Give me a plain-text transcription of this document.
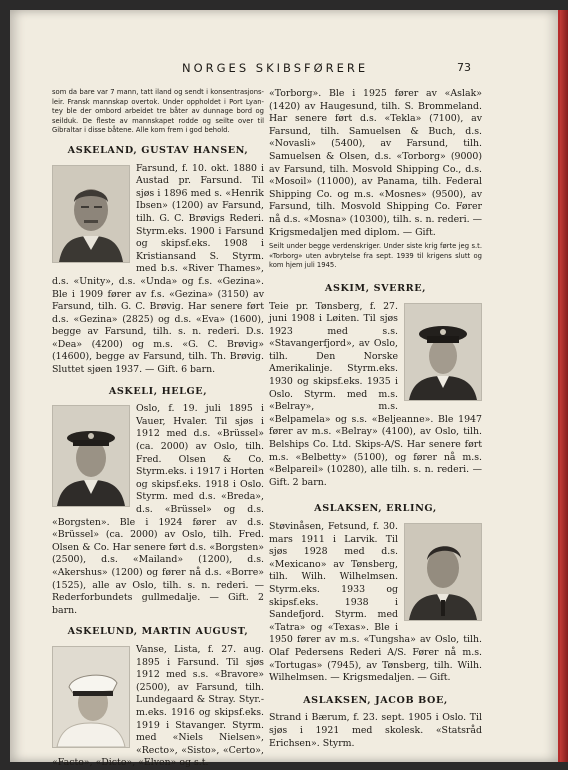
NORGES SKIBSFØRERE	73

som da bare var 7 mann, tatt iland og sendt i konsentrasjons-leir. Fransk mannskap overtok. Under oppholdet i Port Lyan-tey ble der ombord arbeidet tre båter av dunnage bord og seilduk. De fleste av mannskapet rodde og seilte over til Gibraltar i disse båtene. Alle kom frem i god behold.

ASKELAND, GUSTAV HANSEN,

Farsund, f. 10. okt. 1880 i Austad pr. Farsund. Til sjøs i 1896 med s. «Henrik Ibsen» (1200) av Farsund, tilh. G. C. Brøvigs Rederi. Styrm.eks. 1900 i Farsund og skipsf.eks. 1908 i Kristiansand S. Styrm. med b.s. «River Thames», d.s. «Unity», d.s. «Unda» og f.s. «Gezina». Ble i 1909 fører av f.s. «Gezina» (3150) av Farsund, tilh. G. C. Brøvig. Har senere ført d.s. «Gezina» (2825) og d.s. «Eva» (1600), begge av Farsund, tilh. s. n. rederi. D.s. «Dea» (4200) og m.s. «G. C. Brøvig» (14600), begge av Farsund, tilh. Th. Brøvig. Sluttet sjøen 1937. — Gift. 6 barn.

ASKELI, HELGE,

Oslo, f. 19. juli 1895 i Vauer, Hvaler. Til sjøs i 1912 med d.s. «Brüssel» (ca. 2000) av Oslo, tilh. Fred. Olsen & Co. Styrm.eks. i 1917 i Horten og skipsf.eks. 1918 i Oslo. Styrm. med d.s. «Breda», d.s. «Brüssel» og d.s. «Borgsten». Ble i 1924 fører av d.s. «Brüssel» (ca. 2000) av Oslo, tilh. Fred. Olsen & Co. Har senere ført d.s. «Borgsten» (2500), d.s. «Mailand» (1200), d.s. «Akershus» (1200) og fører nå d.s. «Borre» (1525), alle av Oslo, tilh. s. n. rederi. — Rederforbundets gullmedalje. — Gift. 2 barn.

ASKELUND, MARTIN AUGUST,

Vanse, Lista, f. 27. aug. 1895 i Farsund. Til sjøs 1912 med s.s. «Bravore» (2500), av Farsund, tilh. Lundegaard & Stray. Styr.-m.eks. 1916 og skipsf.eks. 1919 i Stavanger. Styrm. med «Niels Nielsen», «Recto», «Sisto», «Certo», «Facto», «Dicto», «Elven» og s.t.

«Torborg». Ble i 1925 fører av «Aslak» (1420) av Haugesund, tilh. S. Brommeland. Har senere ført d.s. «Tekla» (7100), av Farsund, tilh. Samuelsen & Buch, d.s. «Novasli» (5400), av Farsund, tilh. Samuelsen & Olsen, d.s. «Torborg» (9000) av Farsund, tilh. Mosvold Shipping Co., d.s. «Mosoil» (11000), av Panama, tilh. Federal Shipping Co. og m.s. «Mosnes» (9500), av Farsund, tilh. Mosvold Shipping Co. Fører nå d.s. «Mosna» (10300), tilh. s. n. rederi. — Krigsmedaljen med diplom. — Gift.

Seilt under begge verdenskriger. Under siste krig førte jeg s.t. «Torborg» uten avbrytelse fra sept. 1939 til krigens slutt og kom hjem juli 1945.

ASKIM, SVERRE,

Teie pr. Tønsberg, f. 27. juni 1908 i Løiten. Til sjøs 1923 med s.s. «Stavangerfjord», av Oslo, tilh. Den Norske Amerikalinje. Styrm.eks. 1930 og skipsf.eks. 1935 i Oslo. Styrm. med m.s. «Belray», m.s. «Belpamela» og s.s. «Beljeanne». Ble 1947 fører av m.s. «Belray» (4100), av Oslo, tilh. Belships Co. Ltd. Skips-A/S. Har senere ført m.s. «Belbetty» (5100), og fører nå m.s. «Belpareil» (10280), alle tilh. s. n. rederi. — Gift. 2 barn.

ASLAKSEN, ERLING,

Støvinåsen, Fetsund, f. 30. mars 1911 i Larvik. Til sjøs 1928 med d.s. «Mexicano» av Tønsberg, tilh. Wilh. Wilhelmsen. Styrm.eks. 1933 og skipsf.eks. 1938 i Sandefjord. Styrm. med «Tatra» og «Texas». Ble i 1950 fører av m.s. «Tungsha» av Oslo, tilh. Olaf Pedersens Rederi A/S. Fører nå m.s. «Tortugas» (7945), av Tønsberg, tilh. Wilh. Wilhelmsen. — Krigsmedaljen. — Gift.

ASLAKSEN, JACOB BOE,

Strand i Bærum, f. 23. sept. 1905 i Oslo. Til sjøs i 1921 med skolesk. «Statsråd Erichsen». Styrm.
